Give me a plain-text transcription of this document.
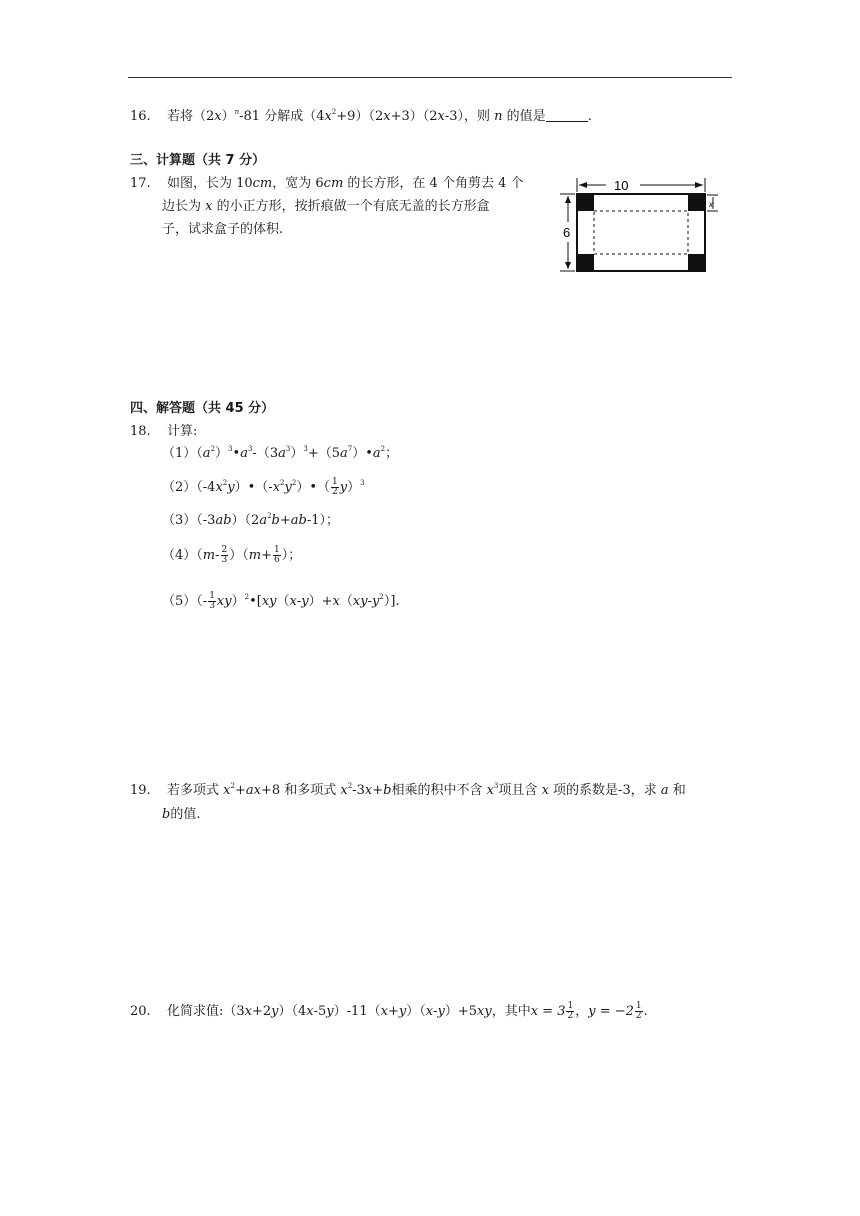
16. 若将$(2x)^n-81$ 分解成$(4x^2+9)(2x+3)(2x-3)$，则 n 的值是	.
三、计算题（共 7 分）
17. 如图，长为 10cm，宽为 6cm 的长方形，在 4 个角剪去 4 个
边长为 x 的小正方形，按折痕做一个有底无盖的长方形盒
子，试求盒子的体积.
10
6
x
四、解答题（共 45 分）
18. 计算:
$(1)(a^2)^3•a^3-(3a^3)^3+(5a^7)•a^2$；
$(2)(-4x^2y)•(-x^2y^2)•( \frac{1}{2} y)^3$
$(3)(-3ab)(2a^2b+ab-1)$；
$(4)(m- \frac{2}{3} )(m+ \frac{1}{6}$ ）；
$(5)(- \frac{1}{3}$ $xy)^2•[xy(x-y)+x(xy-y^2)]$.
19. 若多项式 $x^2+ax+8$ 和多项式 $x^2-3x+b$相乘的积中不含 $x^3$项且含 x 项的系数是-3，求 a 和
b的值.
20. 化简求值:（3x+2y）（4x-5y）-11（x+y）（x-y）+5xy，其中$x = 3 \frac{1}{2}$ ，$y = -2 \frac{1}{2}$ .
